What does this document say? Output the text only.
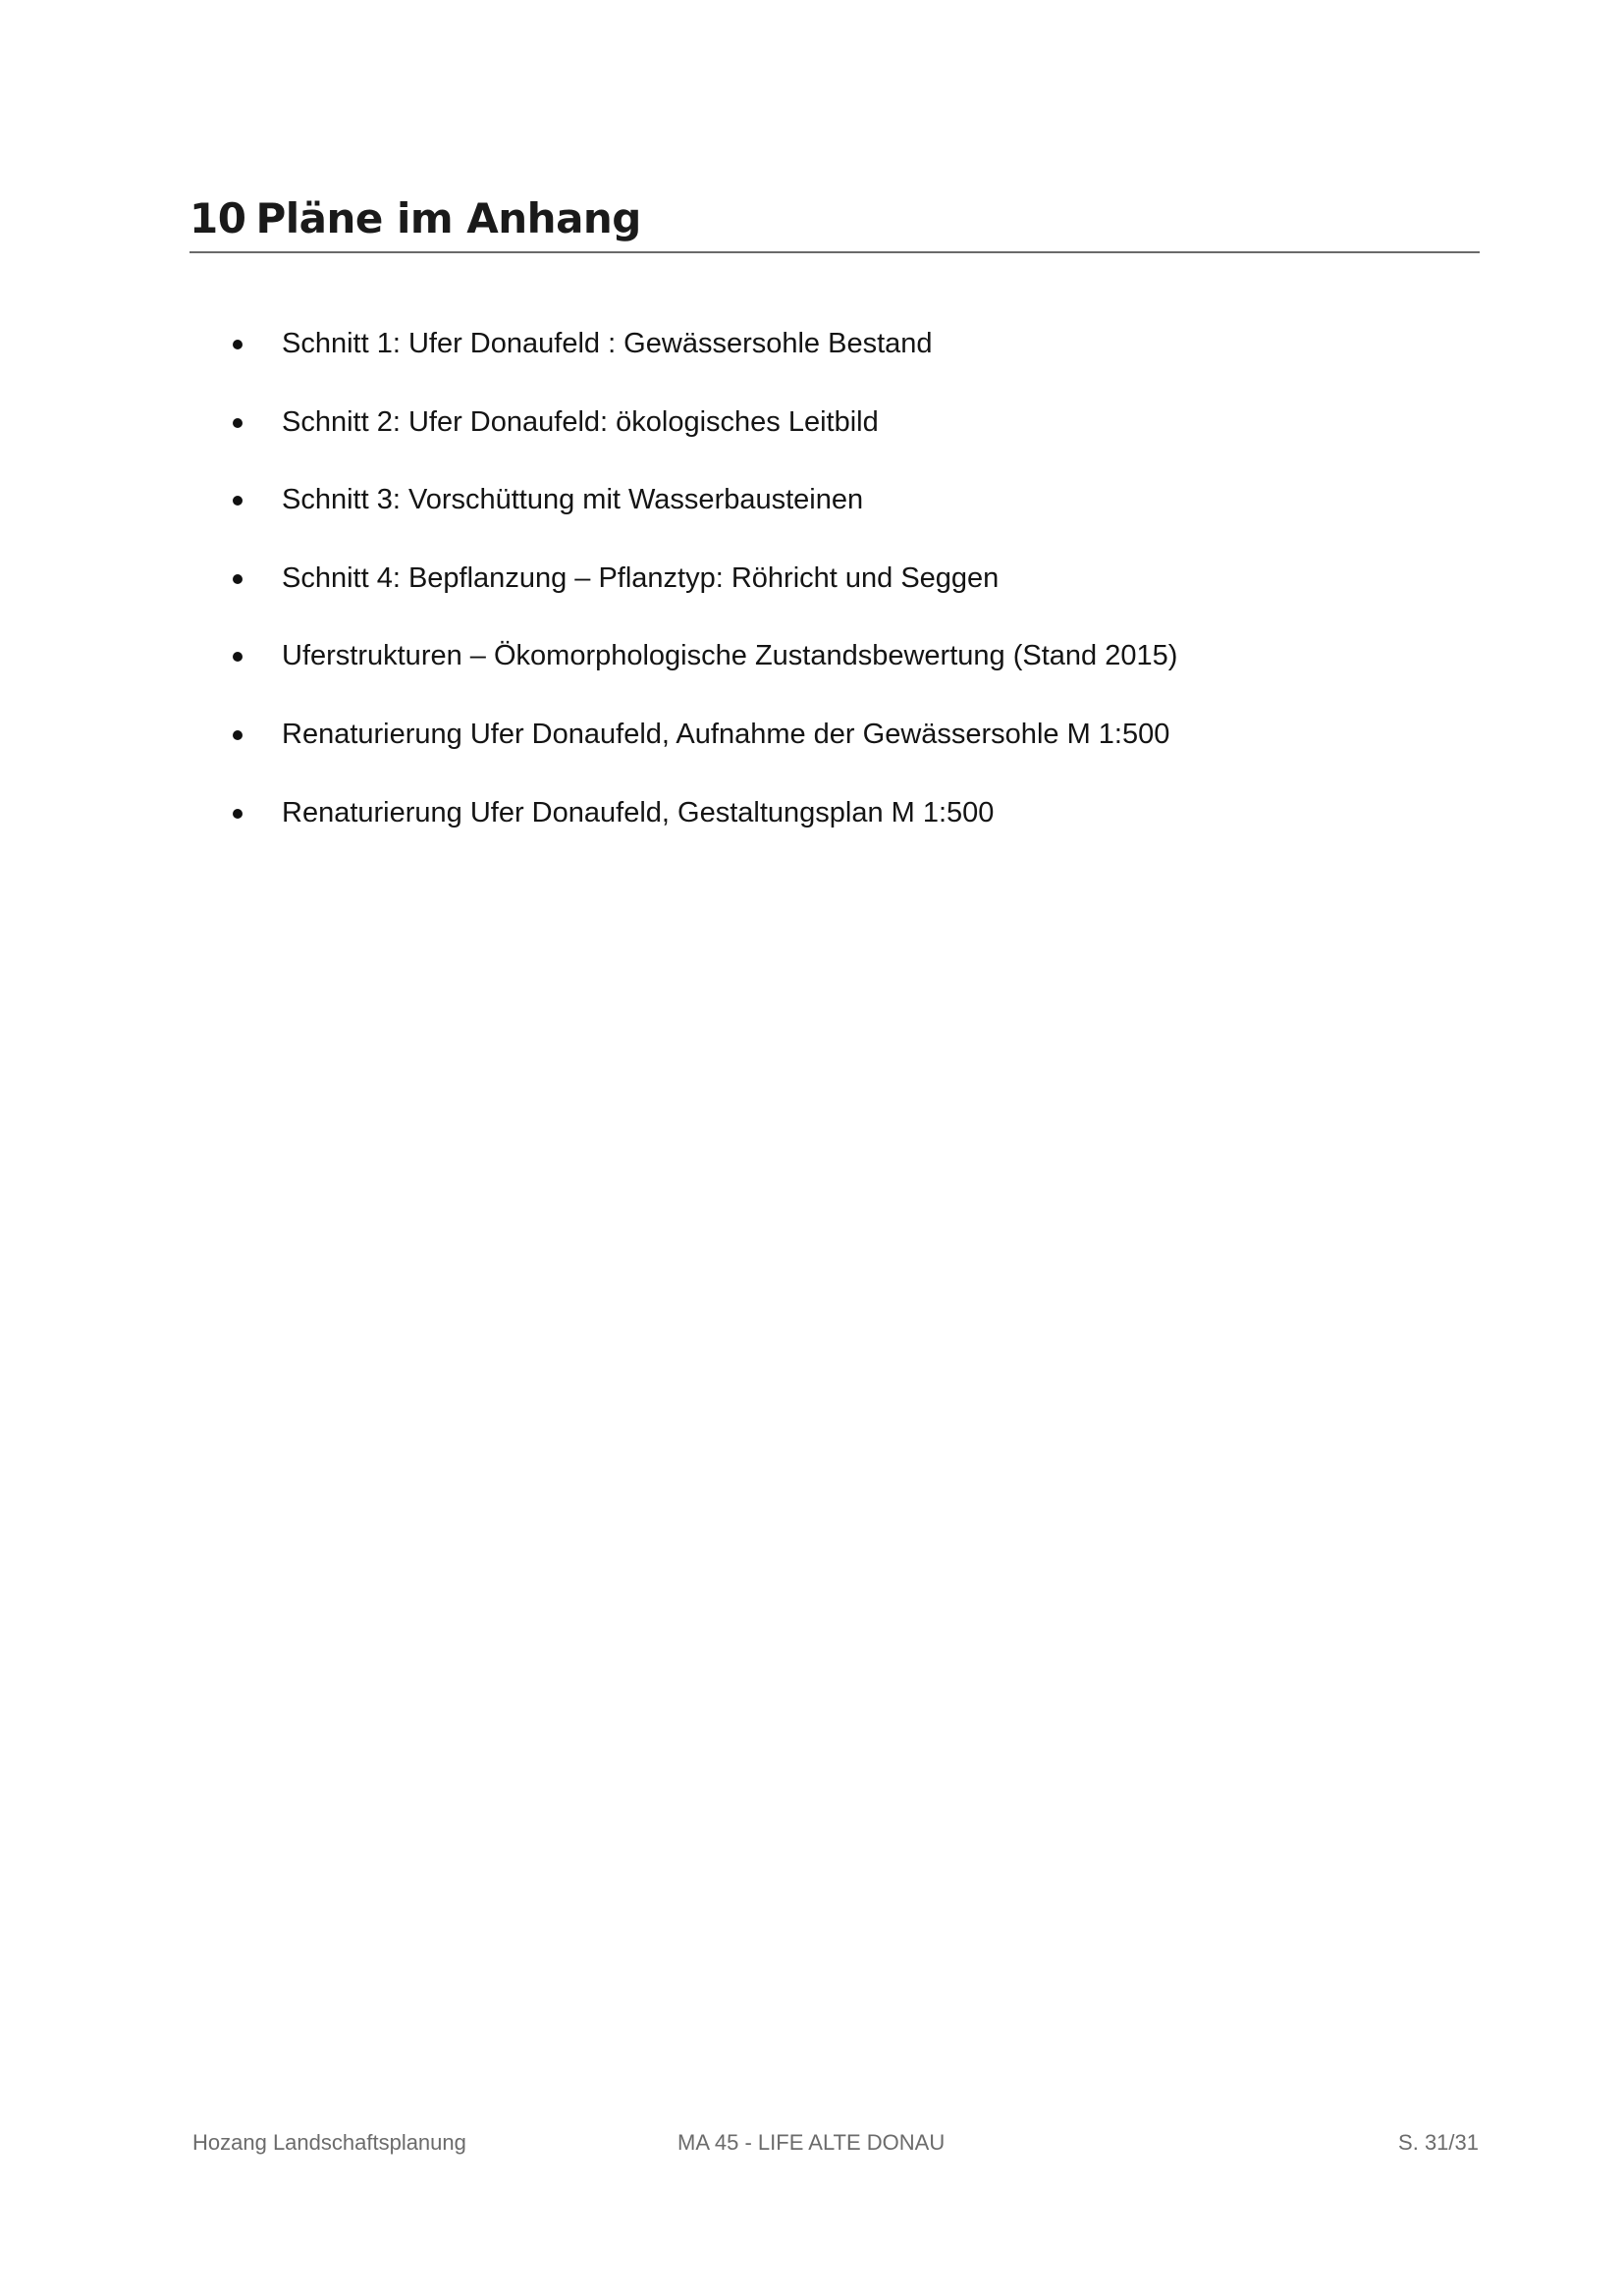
10 Pläne im Anhang
Schnitt 1: Ufer Donaufeld : Gewässersohle Bestand
Schnitt 2: Ufer Donaufeld: ökologisches Leitbild
Schnitt 3: Vorschüttung mit Wasserbausteinen
Schnitt 4: Bepflanzung – Pflanztyp: Röhricht und Seggen
Uferstrukturen – Ökomorphologische Zustandsbewertung (Stand 2015)
Renaturierung Ufer Donaufeld, Aufnahme der Gewässersohle M 1:500
Renaturierung Ufer Donaufeld, Gestaltungsplan M 1:500
Hozang Landschaftsplanung	MA 45 - LIFE ALTE DONAU	S. 31/31
